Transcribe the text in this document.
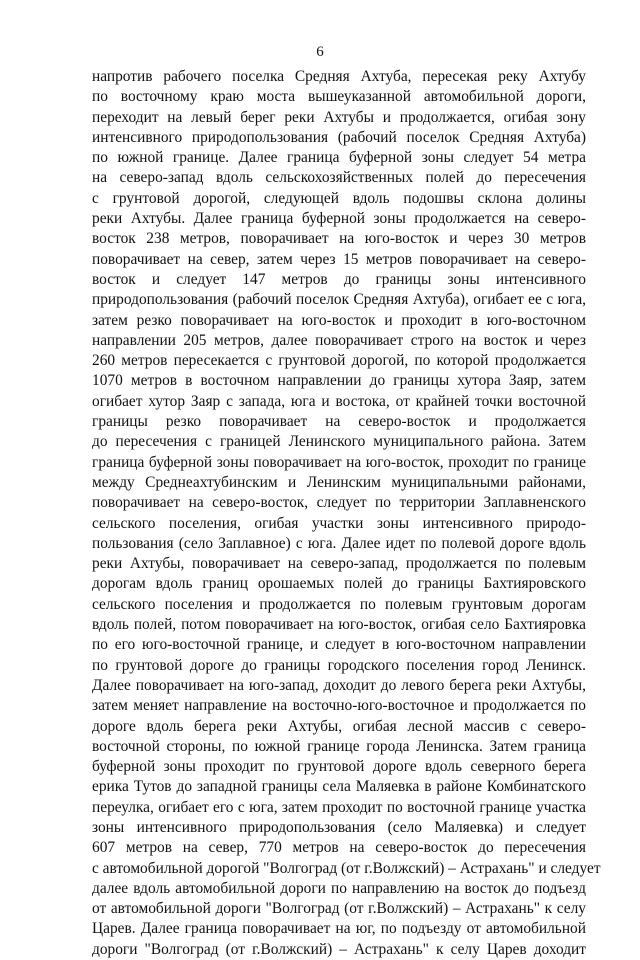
6
напротив рабочего поселка Средняя Ахтуба, пересекая реку Ахтубу
по восточному краю моста вышеуказанной автомобильной дороги,
переходит на левый берег реки Ахтубы и продолжается, огибая зону
интенсивного природопользования (рабочий поселок Средняя Ахтуба)
по южной границе. Далее граница буферной зоны следует 54 метра
на северо-запад вдоль сельскохозяйственных полей до пересечения
с грунтовой дорогой, следующей вдоль подошвы склона долины
реки Ахтубы. Далее граница буферной зоны продолжается на северо-
восток 238 метров, поворачивает на юго-восток и через 30 метров
поворачивает на север, затем через 15 метров поворачивает на северо-
восток и следует 147 метров до границы зоны интенсивного
природопользования (рабочий поселок Средняя Ахтуба), огибает ее с юга,
затем резко поворачивает на юго-восток и проходит в юго-восточном
направлении 205 метров, далее поворачивает строго на восток и через
260 метров пересекается с грунтовой дорогой, по которой продолжается
1070 метров в восточном направлении до границы хутора Заяр, затем
огибает хутор Заяр с запада, юга и востока, от крайней точки восточной
границы резко поворачивает на северо-восток и продолжается
до пересечения с границей Ленинского муниципального района. Затем
граница буферной зоны поворачивает на юго-восток, проходит по границе
между Среднеахтубинским и Ленинским муниципальными районами,
поворачивает на северо-восток, следует по территории Заплавненского
сельского поселения, огибая участки зоны интенсивного природо-
пользования (село Заплавное) с юга. Далее идет по полевой дороге вдоль
реки Ахтубы, поворачивает на северо-запад, продолжается по полевым
дорогам вдоль границ орошаемых полей до границы Бахтияровского
сельского поселения и продолжается по полевым грунтовым дорогам
вдоль полей, потом поворачивает на юго-восток, огибая село Бахтияровка
по его юго-восточной границе, и следует в юго-восточном направлении
по грунтовой дороге до границы городского поселения город Ленинск.
Далее поворачивает на юго-запад, доходит до левого берега реки Ахтубы,
затем меняет направление на восточно-юго-восточное и продолжается по
дороге вдоль берега реки Ахтубы, огибая лесной массив с северо-
восточной стороны, по южной границе города Ленинска. Затем граница
буферной зоны проходит по грунтовой дороге вдоль северного берега
ерика Тутов до западной границы села Маляевка в районе Комбинатского
переулка, огибает его с юга, затем проходит по восточной границе участка
зоны интенсивного природопользования (село Маляевка) и следует
607 метров на север, 770 метров на северо-восток до пересечения
с автомобильной дорогой "Волгоград (от г.Волжский) – Астрахань" и следует
далее вдоль автомобильной дороги по направлению на восток до подъезд
от автомобильной дороги "Волгоград (от г.Волжский) – Астрахань" к селу
Царев. Далее граница поворачивает на юг, по подъезду от автомобильной
дороги "Волгоград (от г.Волжский) – Астрахань" к селу Царев доходит
